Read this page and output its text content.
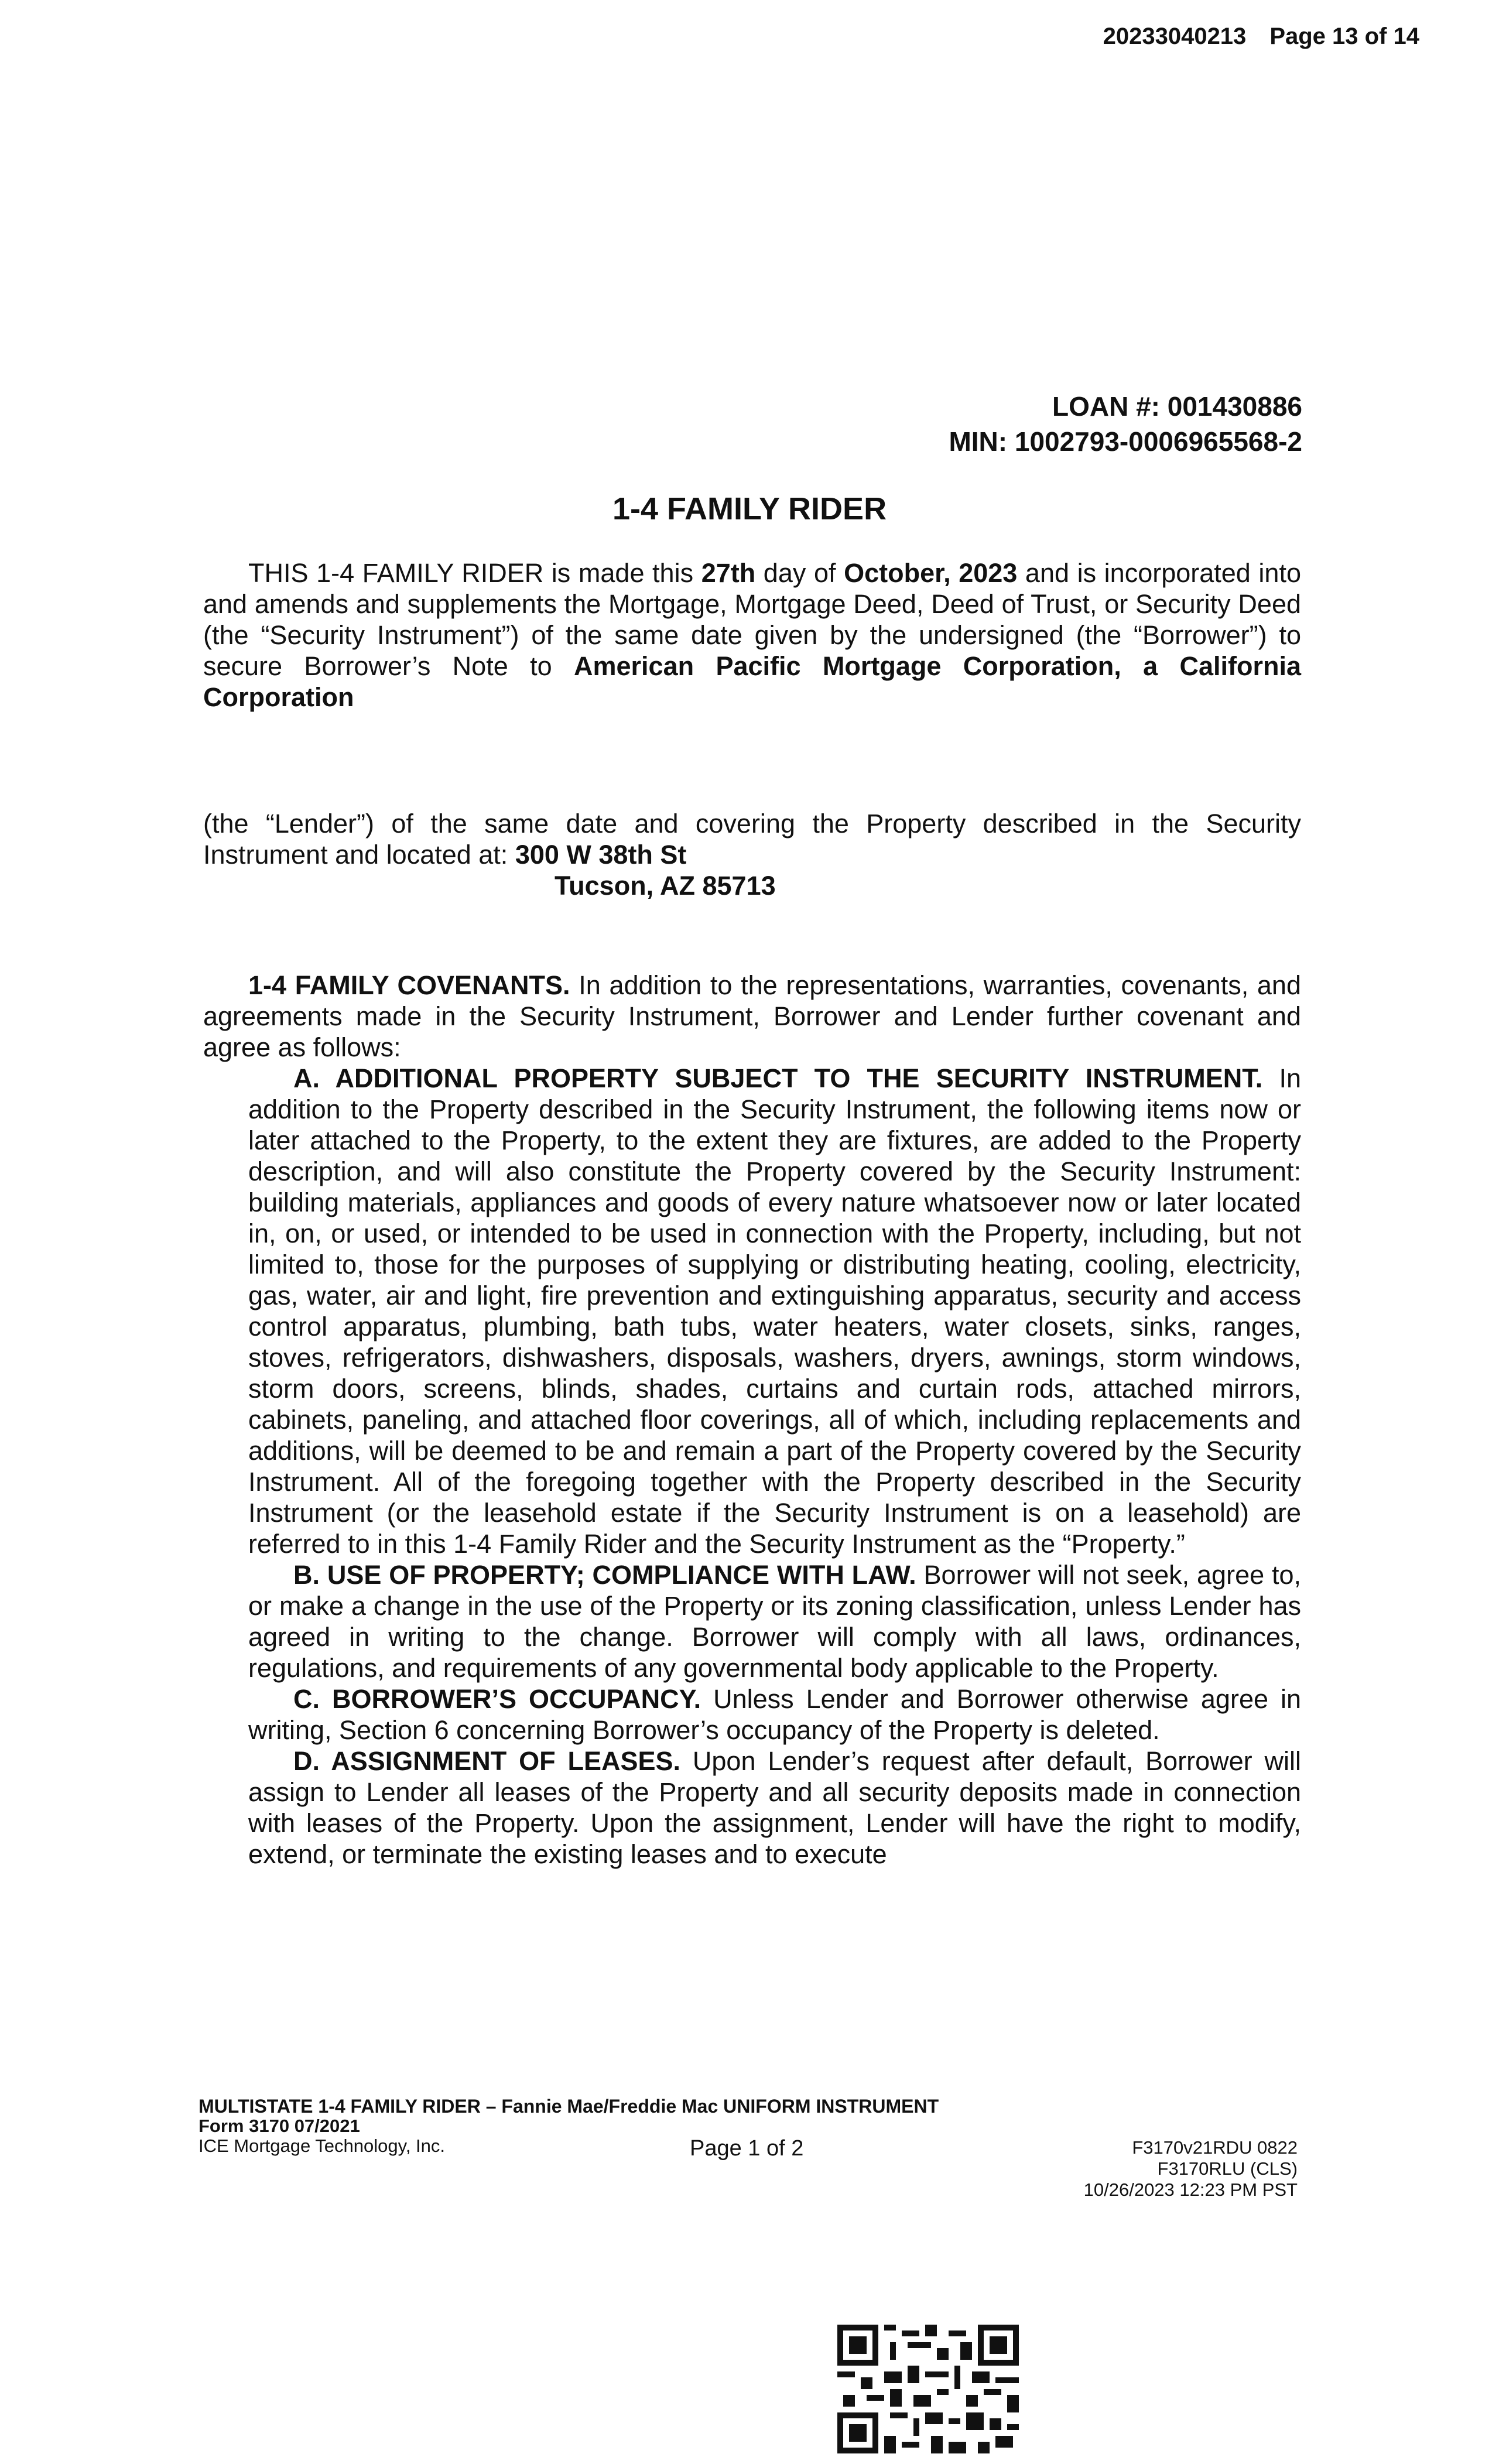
20233040213 Page 13 of 14
LOAN #: 001430886
MIN: 1002793-0006965568-2
1-4 FAMILY RIDER
THIS 1-4 FAMILY RIDER is made this 27th day of October, 2023 and is incorporated into and amends and supplements the Mortgage, Mortgage Deed, Deed of Trust, or Security Deed (the “Security Instrument”) of the same date given by the undersigned (the “Borrower”) to secure Borrower’s Note to American Pacific Mortgage Corporation, a California Corporation
(the “Lender”) of the same date and covering the Property described in the Security Instrument and located at: 300 W 38th St
Tucson, AZ 85713
1-4 FAMILY COVENANTS. In addition to the representations, warranties, covenants, and agreements made in the Security Instrument, Borrower and Lender further covenant and agree as follows:

A. ADDITIONAL PROPERTY SUBJECT TO THE SECURITY INSTRUMENT. In addition to the Property described in the Security Instrument, the following items now or later attached to the Property, to the extent they are fixtures, are added to the Property description, and will also constitute the Property covered by the Security Instrument: building materials, appliances and goods of every nature whatsoever now or later located in, on, or used, or intended to be used in connection with the Property, including, but not limited to, those for the purposes of supplying or distributing heating, cooling, electricity, gas, water, air and light, fire prevention and extinguishing apparatus, security and access control apparatus, plumbing, bath tubs, water heaters, water closets, sinks, ranges, stoves, refrigerators, dishwashers, disposals, washers, dryers, awnings, storm windows, storm doors, screens, blinds, shades, curtains and curtain rods, attached mirrors, cabinets, paneling, and attached floor coverings, all of which, including replacements and additions, will be deemed to be and remain a part of the Property covered by the Security Instrument. All of the foregoing together with the Property described in the Security Instrument (or the leasehold estate if the Security Instrument is on a leasehold) are referred to in this 1-4 Family Rider and the Security Instrument as the “Property.”

B. USE OF PROPERTY; COMPLIANCE WITH LAW. Borrower will not seek, agree to, or make a change in the use of the Property or its zoning classification, unless Lender has agreed in writing to the change. Borrower will comply with all laws, ordinances, regulations, and requirements of any governmental body applicable to the Property.

C. BORROWER’S OCCUPANCY. Unless Lender and Borrower otherwise agree in writing, Section 6 concerning Borrower’s occupancy of the Property is deleted.

D. ASSIGNMENT OF LEASES. Upon Lender’s request after default, Borrower will assign to Lender all leases of the Property and all security deposits made in connection with leases of the Property. Upon the assignment, Lender will have the right to modify, extend, or terminate the existing leases and to execute

MULTISTATE 1-4 FAMILY RIDER – Fannie Mae/Freddie Mac UNIFORM INSTRUMENT
Form 3170 07/2021
ICE Mortgage Technology, Inc.	Page 1 of 2	F3170v21RDU 0822
F3170RLU (CLS)
10/26/2023 12:23 PM PST
